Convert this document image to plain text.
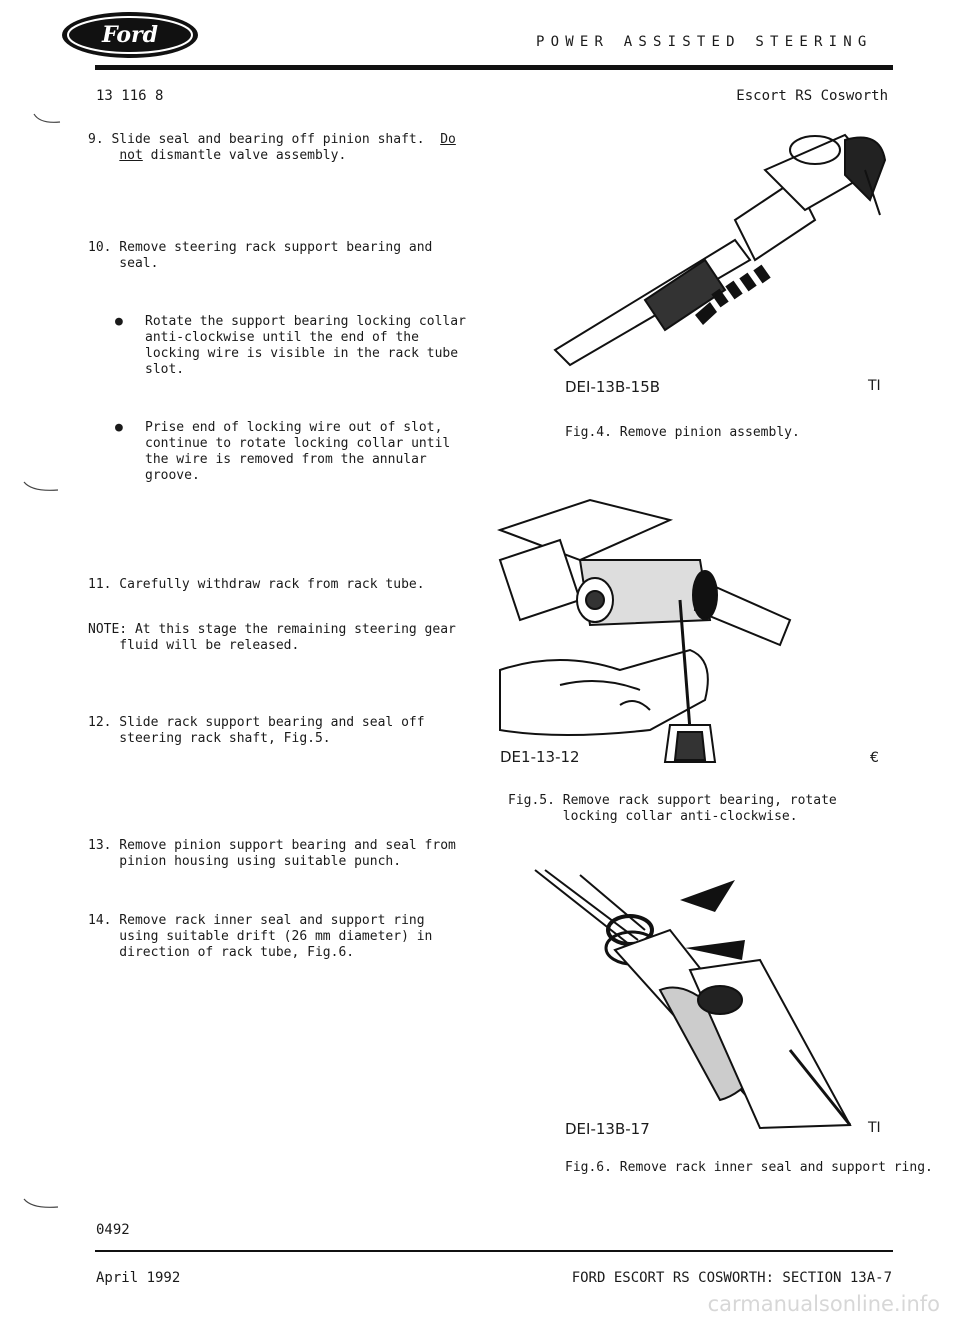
Ford	POWER ASSISTED STEERING
13 116 8	Escort RS Cosworth
9. Slide seal and bearing off pinion shaft. Do
not dismantle valve assembly.
10. Remove steering rack support bearing and
seal.
● Rotate the support bearing locking collar
anti-clockwise until the end of the
locking wire is visible in the rack tube
slot.
● Prise end of locking wire out of slot,
continue to rotate locking collar until
the wire is removed from the annular
groove.
11. Carefully withdraw rack from rack tube.
NOTE: At this stage the remaining steering gear
fluid will be released.
12. Slide rack support bearing and seal off
steering rack shaft, Fig.5.
13. Remove pinion support bearing and seal from
pinion housing using suitable punch.
14. Remove rack inner seal and support ring
using suitable drift (26 mm diameter) in
direction of rack tube, Fig.6.
DEI-13B-15B	TI
Fig.4. Remove pinion assembly.
DE1-13-12	€
Fig.5. Remove rack support bearing, rotate
locking collar anti-clockwise.
DEI-13B-17	TI
Fig.6. Remove rack inner seal and support ring.
0492
April 1992	FORD ESCORT RS COSWORTH: SECTION 13A-7
carmanualsonline.info
